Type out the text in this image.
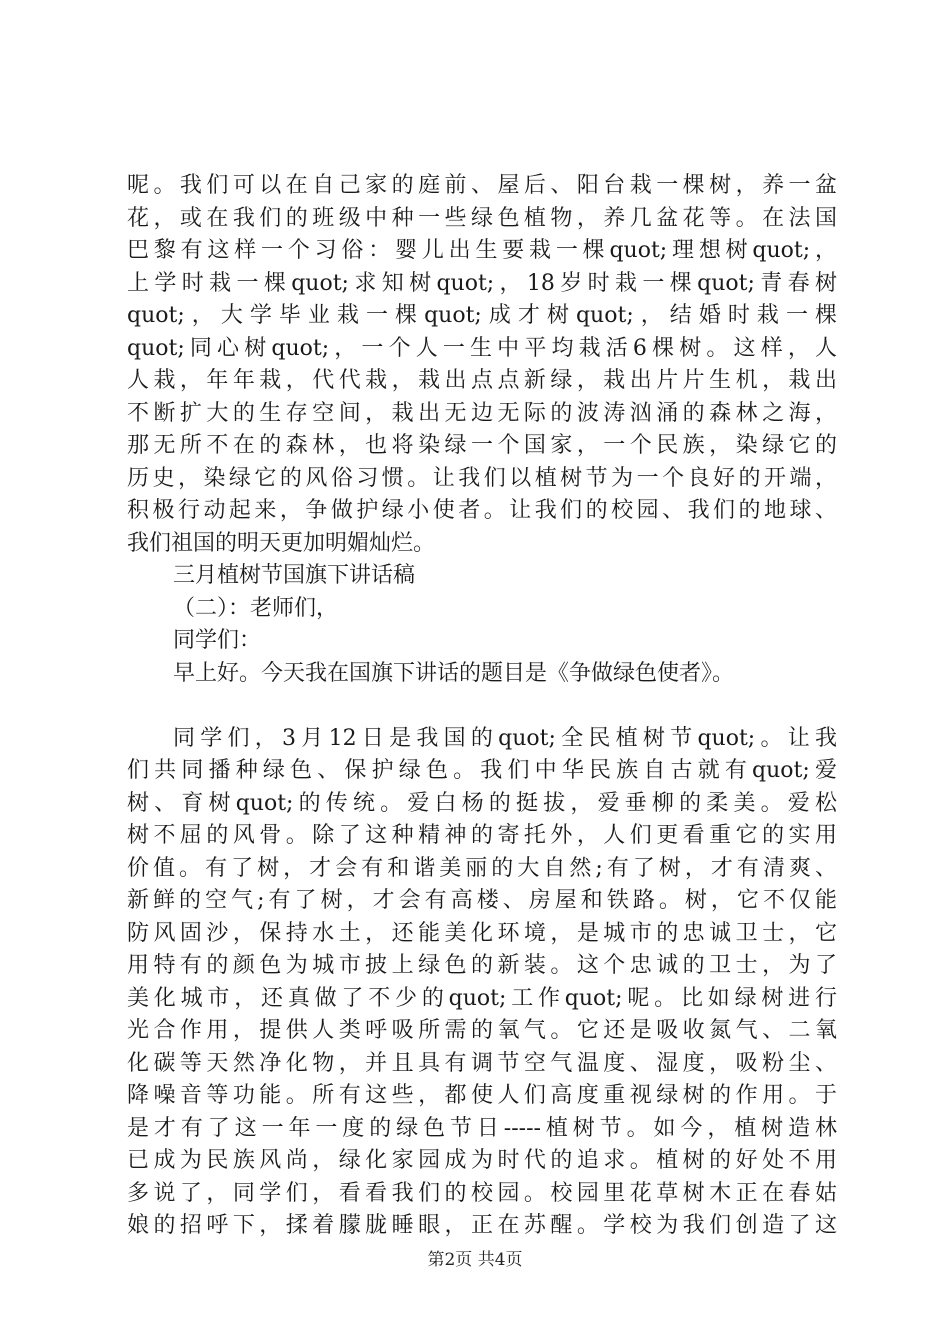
呢。我们可以在自己家的庭前、屋后、阳台栽一棵树，养一盆
花，或在我们的班级中种一些绿色植物，养几盆花等。在法国
巴黎有这样一个习俗：婴儿出生要栽一棵quot;理想树quot;，
上学时栽一棵quot;求知树quot;，18岁时栽一棵quot;青春树
quot;，大学毕业栽一棵quot;成才树quot;，结婚时栽一棵
quot;同心树quot;，一个人一生中平均栽活6棵树。这样，人
人栽，年年栽，代代栽，栽出点点新绿，栽出片片生机，栽出
不断扩大的生存空间，栽出无边无际的波涛汹涌的森林之海，
那无所不在的森林，也将染绿一个国家，一个民族，染绿它的
历史，染绿它的风俗习惯。让我们以植树节为一个良好的开端，
积极行动起来，争做护绿小使者。让我们的校园、我们的地球、
我们祖国的明天更加明媚灿烂。
三月植树节国旗下讲话稿
（二）：老师们，
同学们：
早上好。今天我在国旗下讲话的题目是《争做绿色使者》。
同学们，3月12日是我国的quot;全民植树节quot;。让我
们共同播种绿色、保护绿色。我们中华民族自古就有quot;爱
树、育树quot;的传统。爱白杨的挺拔，爱垂柳的柔美。爱松
树不屈的风骨。除了这种精神的寄托外，人们更看重它的实用
价值。有了树，才会有和谐美丽的大自然;有了树，才有清爽、
新鲜的空气;有了树，才会有高楼、房屋和铁路。树，它不仅能
防风固沙，保持水土，还能美化环境，是城市的忠诚卫士，它
用特有的颜色为城市披上绿色的新装。这个忠诚的卫士，为了
美化城市，还真做了不少的quot;工作quot;呢。比如绿树进行
光合作用，提供人类呼吸所需的氧气。它还是吸收氮气、二氧
化碳等天然净化物，并且具有调节空气温度、湿度，吸粉尘、
降噪音等功能。所有这些，都使人们高度重视绿树的作用。于
是才有了这一年一度的绿色节日-----植树节。如今，植树造林
已成为民族风尚，绿化家园成为时代的追求。植树的好处不用
多说了，同学们，看看我们的校园。校园里花草树木正在春姑
娘的招呼下，揉着朦胧睡眼，正在苏醒。学校为我们创造了这
第2页 共4页
